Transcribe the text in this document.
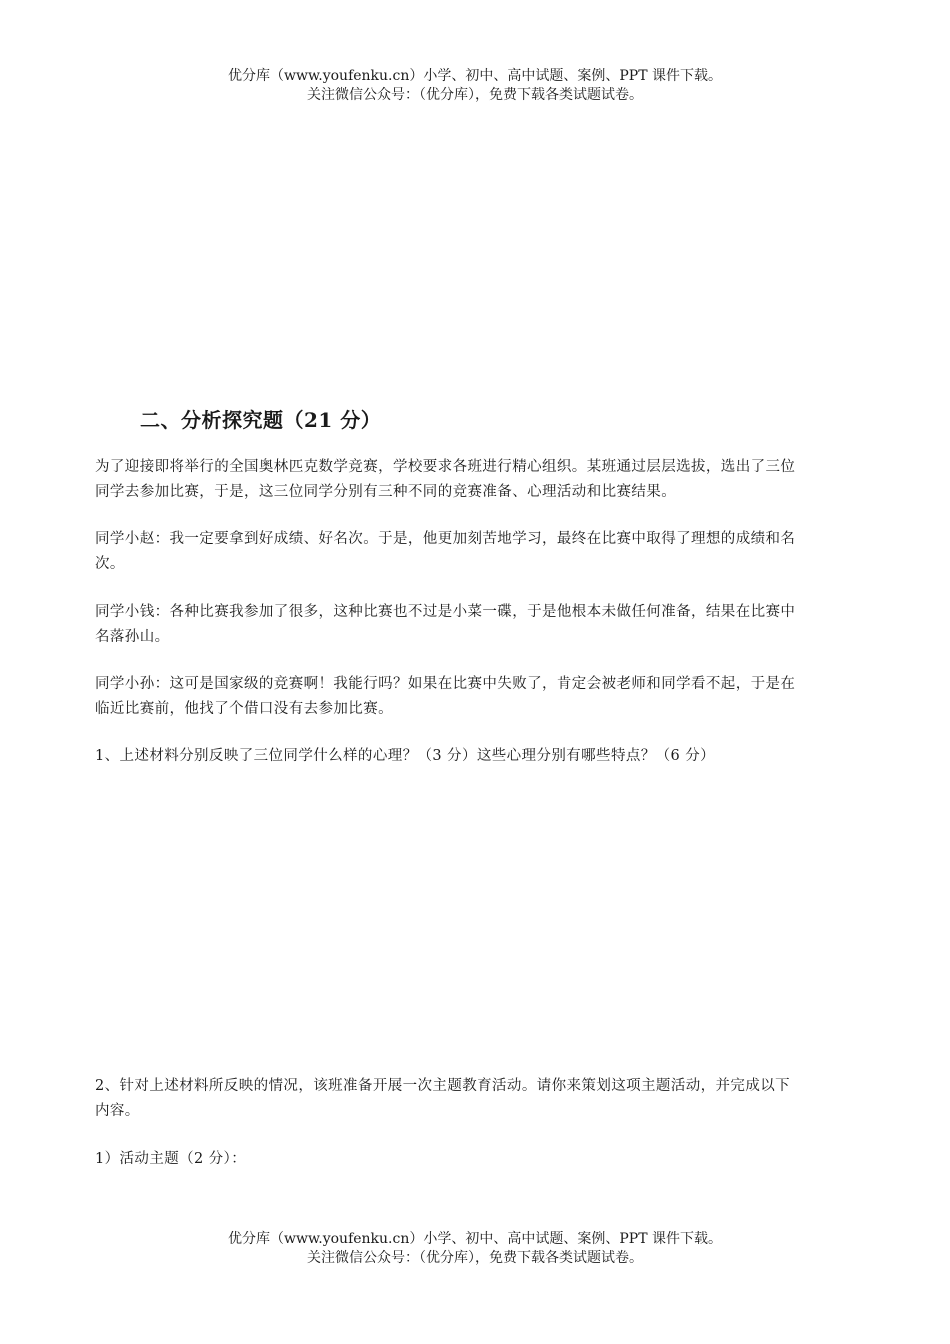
优分库（www.youfenku.cn）小学、初中、高中试题、案例、PPT 课件下载。
关注微信公众号：（优分库），免费下载各类试题试卷。
二、分析探究题（21 分）
为了迎接即将举行的全国奥林匹克数学竞赛，学校要求各班进行精心组织。某班通过层层选拔，选出了三位
同学去参加比赛，于是，这三位同学分别有三种不同的竞赛准备、心理活动和比赛结果。
同学小赵：我一定要拿到好成绩、好名次。于是，他更加刻苦地学习，最终在比赛中取得了理想的成绩和名
次。
同学小钱：各种比赛我参加了很多，这种比赛也不过是小菜一碟，于是他根本未做任何准备，结果在比赛中
名落孙山。
同学小孙：这可是国家级的竞赛啊！我能行吗？如果在比赛中失败了，肯定会被老师和同学看不起，于是在
临近比赛前，他找了个借口没有去参加比赛。
1、上述材料分别反映了三位同学什么样的心理？（3 分）这些心理分别有哪些特点？（6 分）
2、针对上述材料所反映的情况，该班准备开展一次主题教育活动。请你来策划这项主题活动，并完成以下
内容。
1）活动主题（2 分）：
优分库（www.youfenku.cn）小学、初中、高中试题、案例、PPT 课件下载。
关注微信公众号：（优分库），免费下载各类试题试卷。
